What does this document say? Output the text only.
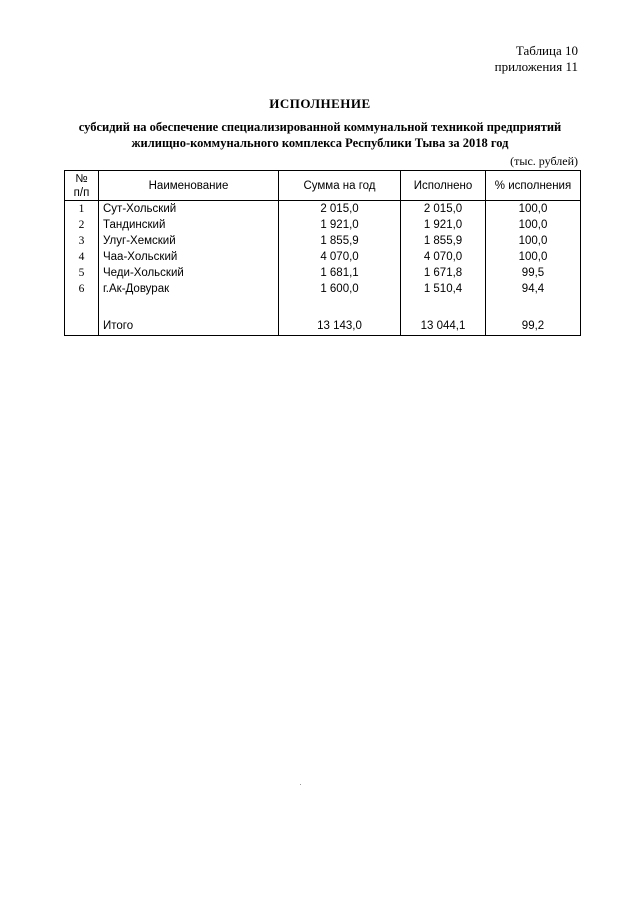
Таблица 10
приложения 11
ИСПОЛНЕНИЕ
субсидий на обеспечение специализированной коммунальной техникой предприятий
жилищно-коммунального комплекса Республики Тыва за 2018 год
(тыс. рублей)
№
п/п	Наименование	Сумма на год	Исполнено	% исполнения
1	Сут-Хольский	2 015,0	2 015,0	100,0
2	Тандинский	1 921,0	1 921,0	100,0
3	Улуг-Хемский	1 855,9	1 855,9	100,0
4	Чаа-Хольский	4 070,0	4 070,0	100,0
5	Чеди-Хольский	1 681,1	1 671,8	99,5
6	г.Ак-Довурак	1 600,0	1 510,4	94,4

	Итого	13 143,0	13 044,1	99,2
